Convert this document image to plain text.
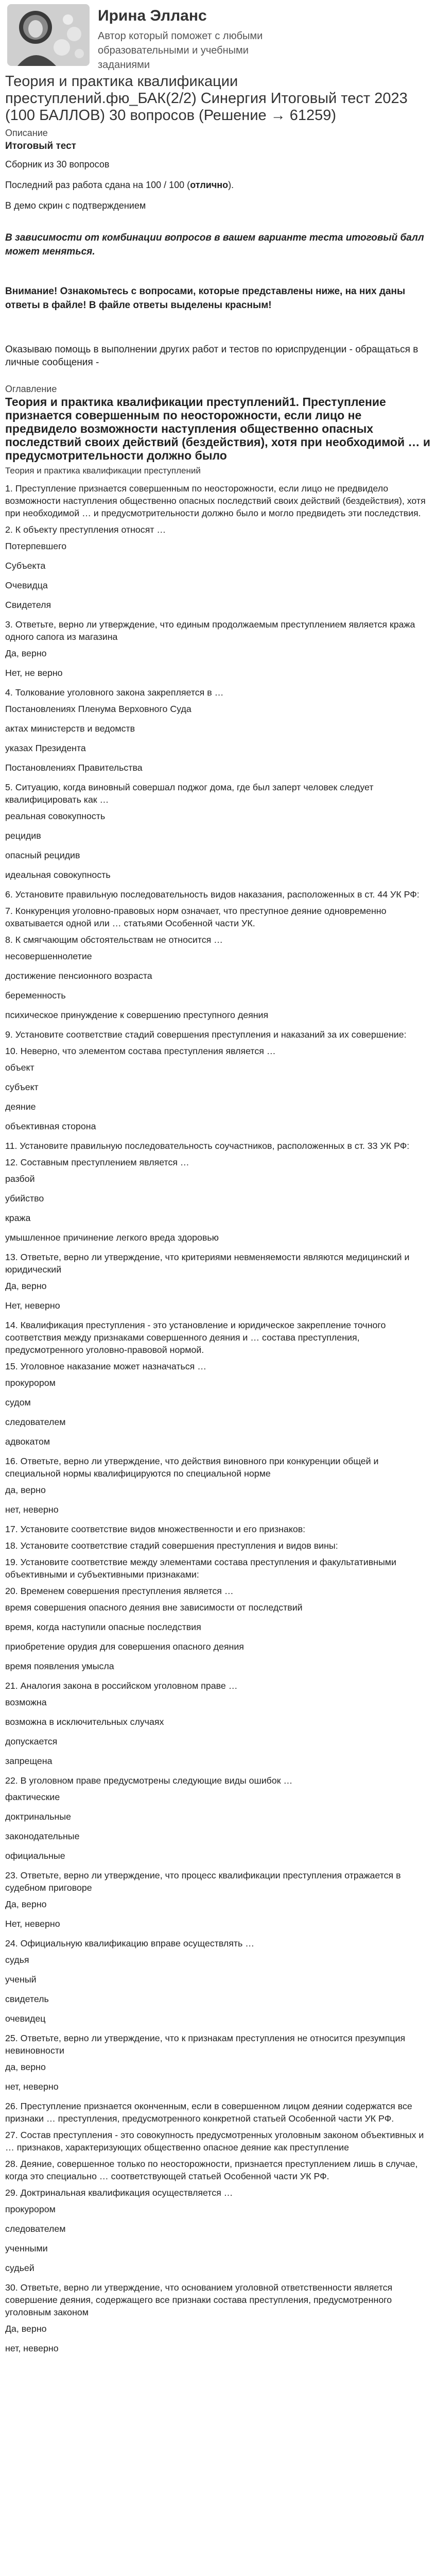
Ирина Элланс
Автор который поможет с любыми образовательными и учебными заданиями
Теория и практика квалификации преступлений.фю_БАК(2/2) Синергия Итоговый тест 2023 (100 БАЛЛОВ) 30 вопросов (Решение → 61259)
Описание
Итоговый тест
Сборник из 30 вопросов
Последний раз работа сдана на 100 / 100 (отлично).
В демо скрин с подтверждением
В зависимости от комбинации вопросов в вашем варианте теста итоговый балл может меняться.
Внимание! Ознакомьтесь с вопросами, которые представлены ниже, на них даны ответы в файле! В файле ответы выделены красным!
Оказываю помощь в выполнении других работ и тестов по юриспруденции - обращаться в личные сообщения -
Оглавление
Теория и практика квалификации преступлений1. Преступление признается совершенным по неосторожности, если лицо не предвидело возможности наступления общественно опасных последствий своих действий (бездействия), хотя при необходимой … и предусмотрительности должно было
Теория и практика квалификации преступлений
1. Преступление признается совершенным по неосторожности, если лицо не предвидело возможности наступления общественно опасных последствий своих действий (бездействия), хотя при необходимой … и предусмотрительности должно было и могло предвидеть эти последствия.
2. К объекту преступления относят …
Потерпевшего
Субъекта
Очевидца
Свидетеля
3. Ответьте, верно ли утверждение, что единым продолжаемым преступлением является кража одного сапога из магазина
Да, верно
Нет, не верно
4. Толкование уголовного закона закрепляется в …
Постановлениях Пленума Верховного Суда
актах министерств и ведомств
указах Президента
Постановлениях Правительства
5. Ситуацию, когда виновный совершал поджог дома, где был заперт человек следует квалифицировать как …
реальная совокупность
рецидив
опасный рецидив
идеальная совокупность
6. Установите правильную последовательность видов наказания, расположенных в ст. 44 УК РФ:
7. Конкуренция уголовно-правовых норм означает, что преступное деяние одновременно охватывается одной или … статьями Особенной части УК.
8. К смягчающим обстоятельствам не относится …
несовершеннолетие
достижение пенсионного возраста
беременность
психическое принуждение к совершению преступного деяния
9. Установите соответствие стадий совершения преступления и наказаний за их совершение:
10. Неверно, что элементом состава преступления является …
объект
субъект
деяние
объективная сторона
11. Установите правильную последовательность соучастников, расположенных в ст. 33 УК РФ:
12. Составным преступлением является …
разбой
убийство
кража
умышленное причинение легкого вреда здоровью
13. Ответьте, верно ли утверждение, что критериями невменяемости являются медицинский и юридический
Да, верно
Нет, неверно
14. Квалификация преступления - это установление и юридическое закрепление точного соответствия между признаками совершенного деяния и … состава преступления, предусмотренного уголовно-правовой нормой.
15. Уголовное наказание может назначаться …
прокурором
судом
следователем
адвокатом
16. Ответьте, верно ли утверждение, что действия виновного при конкуренции общей и специальной нормы квалифицируются по специальной норме
да, верно
нет, неверно
17. Установите соответствие видов множественности и его признаков:
18. Установите соответствие стадий совершения преступления и видов вины:
19. Установите соответствие между элементами состава преступления и факультативными объективными и субъективными признаками:
20. Временем совершения преступления является …
время совершения опасного деяния вне зависимости от последствий
время, когда наступили опасные последствия
приобретение орудия для совершения опасного деяния
время появления умысла
21. Аналогия закона в российском уголовном праве …
возможна
возможна в исключительных случаях
допускается
запрещена
22. В уголовном праве предусмотрены следующие виды ошибок …
фактические
доктринальные
законодательные
официальные
23. Ответьте, верно ли утверждение, что процесс квалификации преступления отражается в судебном приговоре
Да, верно
Нет, неверно
24. Официальную квалификацию вправе осуществлять …
судья
ученый
свидетель
очевидец
25. Ответьте, верно ли утверждение, что к признакам преступления не относится презумпция невиновности
да, верно
нет, неверно
26. Преступление признается оконченным, если в совершенном лицом деянии содержатся все признаки … преступления, предусмотренного конкретной статьей Особенной части УК РФ.
27. Состав преступления - это совокупность предусмотренных уголовным законом объективных и … признаков, характеризующих общественно опасное деяние как преступление
28. Деяние, совершенное только по неосторожности, признается преступлением лишь в случае, когда это специально … соответствующей статьей Особенной части УК РФ.
29. Доктринальная квалификация осуществляется …
прокурором
следователем
ученными
судьей
30. Ответьте, верно ли утверждение, что основанием уголовной ответственности является совершение деяния, содержащего все признаки состава преступления, предусмотренного уголовным законом
Да, верно
нет, неверно
